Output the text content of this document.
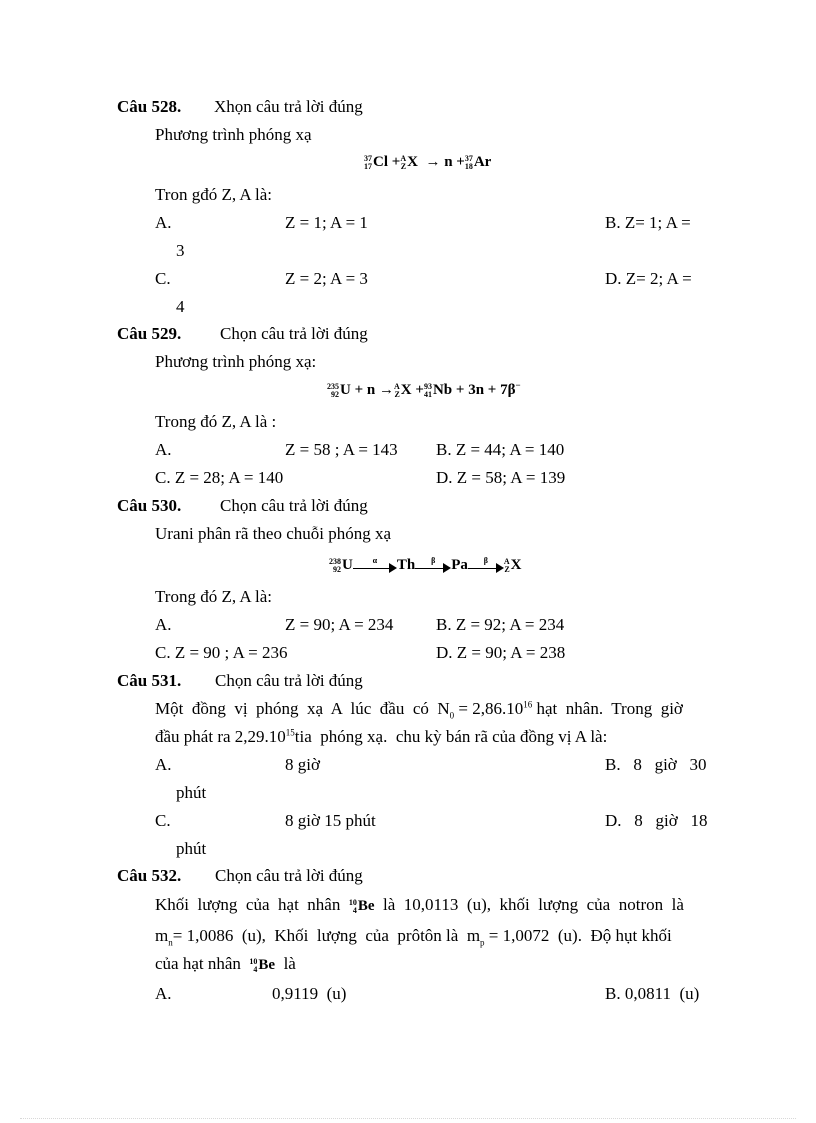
Câu 528. Xhọn câu trả lời đúng
Phương trình phóng xạ
37
17 Cl + A
Z X  → n + 37
18 Ar
Tron gđó Z, A là:
A.	Z = 1; A = 1	B. Z= 1; A =
3
C.	Z = 2; A = 3	D. Z= 2; A =
4
Câu 529. Chọn câu trả lời đúng
Phương trình phóng xạ:
235
92 U + n → A
Z X + 93
41 Nb + 3n + 7β−
Trong đó Z, A là :
A.	Z = 58 ; A = 143 B. Z = 44; A = 140
C. Z = 28; A = 140	D. Z = 58; A = 139
Câu 530. Chọn câu trả lời đúng
Urani phân rã theo chuỗi phóng xạ
238
92 U	α	Th	β	Pa	β	A
Z X
Trong đó Z, A là:
A.	Z = 90; A = 234	B. Z = 92; A = 234
C. Z = 90 ; A = 236	D. Z = 90; A = 238
Câu 531. Chọn câu trả lời đúng
Một  đồng  vị  phóng  xạ  A  lúc  đầu  có  $N_0 = 2,86.10^{16}$ hạt  nhân.  Trong  giờ
đầu phát ra 2,29.10$^{15}$tia  phóng xạ.  chu kỳ bán rã của đồng vị A là:
A.	8 giờ	B.   8   giờ   30
phút
C.	8 giờ 15 phút	D.   8   giờ   18
phút
Câu 532. Chọn câu trả lời đúng
Khối  lượng  của  hạt  nhân 10
4 Be là  10,0113  (u),  khối  lượng  của  notron  là
$m_n= 1,0086$  (u),  Khối  lượng  của  prôtôn là  $m_p = 1,0072$  (u).  Độ hụt khối
của hạt nhân 10
4 Be là
A.	0,9119  (u)	B. 0,0811  (u)
